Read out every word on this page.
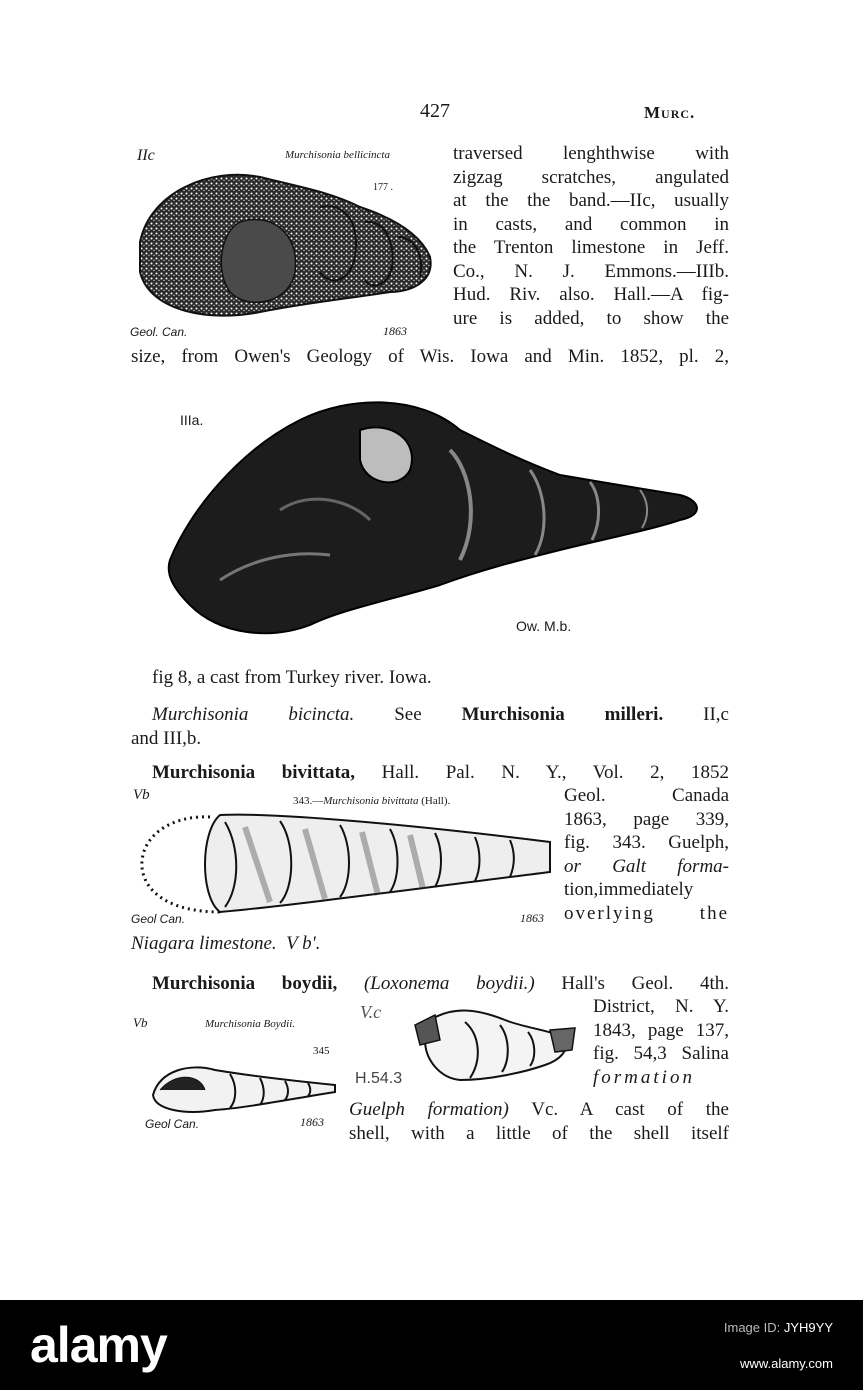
427	Murc.
IIc	Murchisonia bellicincta
177 .
Geol. Can.	1863
traversed lenghthwise with
zigzag scratches, angulated
at the the band.—IIc, usually
in casts, and common in
the Trenton limestone in Jeff.
Co., N. J. Emmons.—IIIb.
Hud. Riv. also. Hall.—A fig-
ure is added, to show the
size, from Owen's Geology of Wis. Iowa and Min. 1852, pl. 2,
IIIa.
Ow. M.b.
fig 8, a cast from Turkey river. Iowa.
Murchisonia bicincta. See Murchisonia milleri. II,c
and III,b.
Murchisonia bivittata, Hall. Pal. N. Y., Vol. 2, 1852
Vb	343.—Murchisonia bivittata (Hall).
Geol Can.	1863
Geol. Canada
1863, page 339,
fig. 343. Guelph,
or Galt forma-
tion,immediately
overlying the
Niagara limestone. V b'.
Murchisonia boydii, (Loxonema boydii.) Hall's Geol. 4th.
Vb	Murchisonia Boydii.
345
Geol Can.	1863
V.c
H.54.3
District, N. Y.
1843, page 137,
fig. 54,3 Salina
formation
Guelph formation) Vc. A cast of the
shell, with a little of the shell itself
alamy	Image ID: JYH9YY
www.alamy.com
